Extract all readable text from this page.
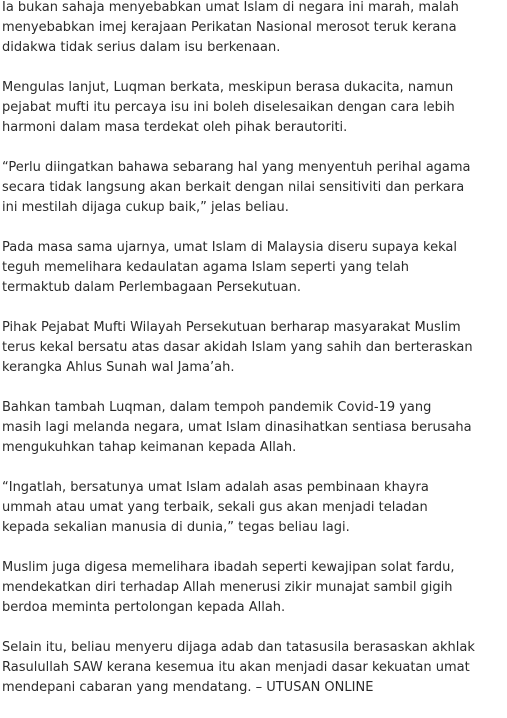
Ia bukan sahaja menyebabkan umat Islam di negara ini marah, malah
menyebabkan imej kerajaan Perikatan Nasional merosot teruk kerana
didakwa tidak serius dalam isu berkenaan.

Mengulas lanjut, Luqman berkata, meskipun berasa dukacita, namun
pejabat mufti itu percaya isu ini boleh diselesaikan dengan cara lebih
harmoni dalam masa terdekat oleh pihak berautoriti.

“Perlu diingatkan bahawa sebarang hal yang menyentuh perihal agama
secara tidak langsung akan berkait dengan nilai sensitiviti dan perkara
ini mestilah dijaga cukup baik,” jelas beliau.

Pada masa sama ujarnya, umat Islam di Malaysia diseru supaya kekal
teguh memelihara kedaulatan agama Islam seperti yang telah
termaktub dalam Perlembagaan Persekutuan.

Pihak Pejabat Mufti Wilayah Persekutuan berharap masyarakat Muslim
terus kekal bersatu atas dasar akidah Islam yang sahih dan berteraskan
kerangka Ahlus Sunah wal Jama’ah.

Bahkan tambah Luqman, dalam tempoh pandemik Covid-19 yang
masih lagi melanda negara, umat Islam dinasihatkan sentiasa berusaha
mengukuhkan tahap keimanan kepada Allah.

“Ingatlah, bersatunya umat Islam adalah asas pembinaan khayra
ummah atau umat yang terbaik, sekali gus akan menjadi teladan
kepada sekalian manusia di dunia,” tegas beliau lagi.

Muslim juga digesa memelihara ibadah seperti kewajipan solat fardu,
mendekatkan diri terhadap Allah menerusi zikir munajat sambil gigih
berdoa meminta pertolongan kepada Allah.

Selain itu, beliau menyeru dijaga adab dan tatasusila berasaskan akhlak
Rasulullah SAW kerana kesemua itu akan menjadi dasar kekuatan umat
mendepani cabaran yang mendatang. – UTUSAN ONLINE
